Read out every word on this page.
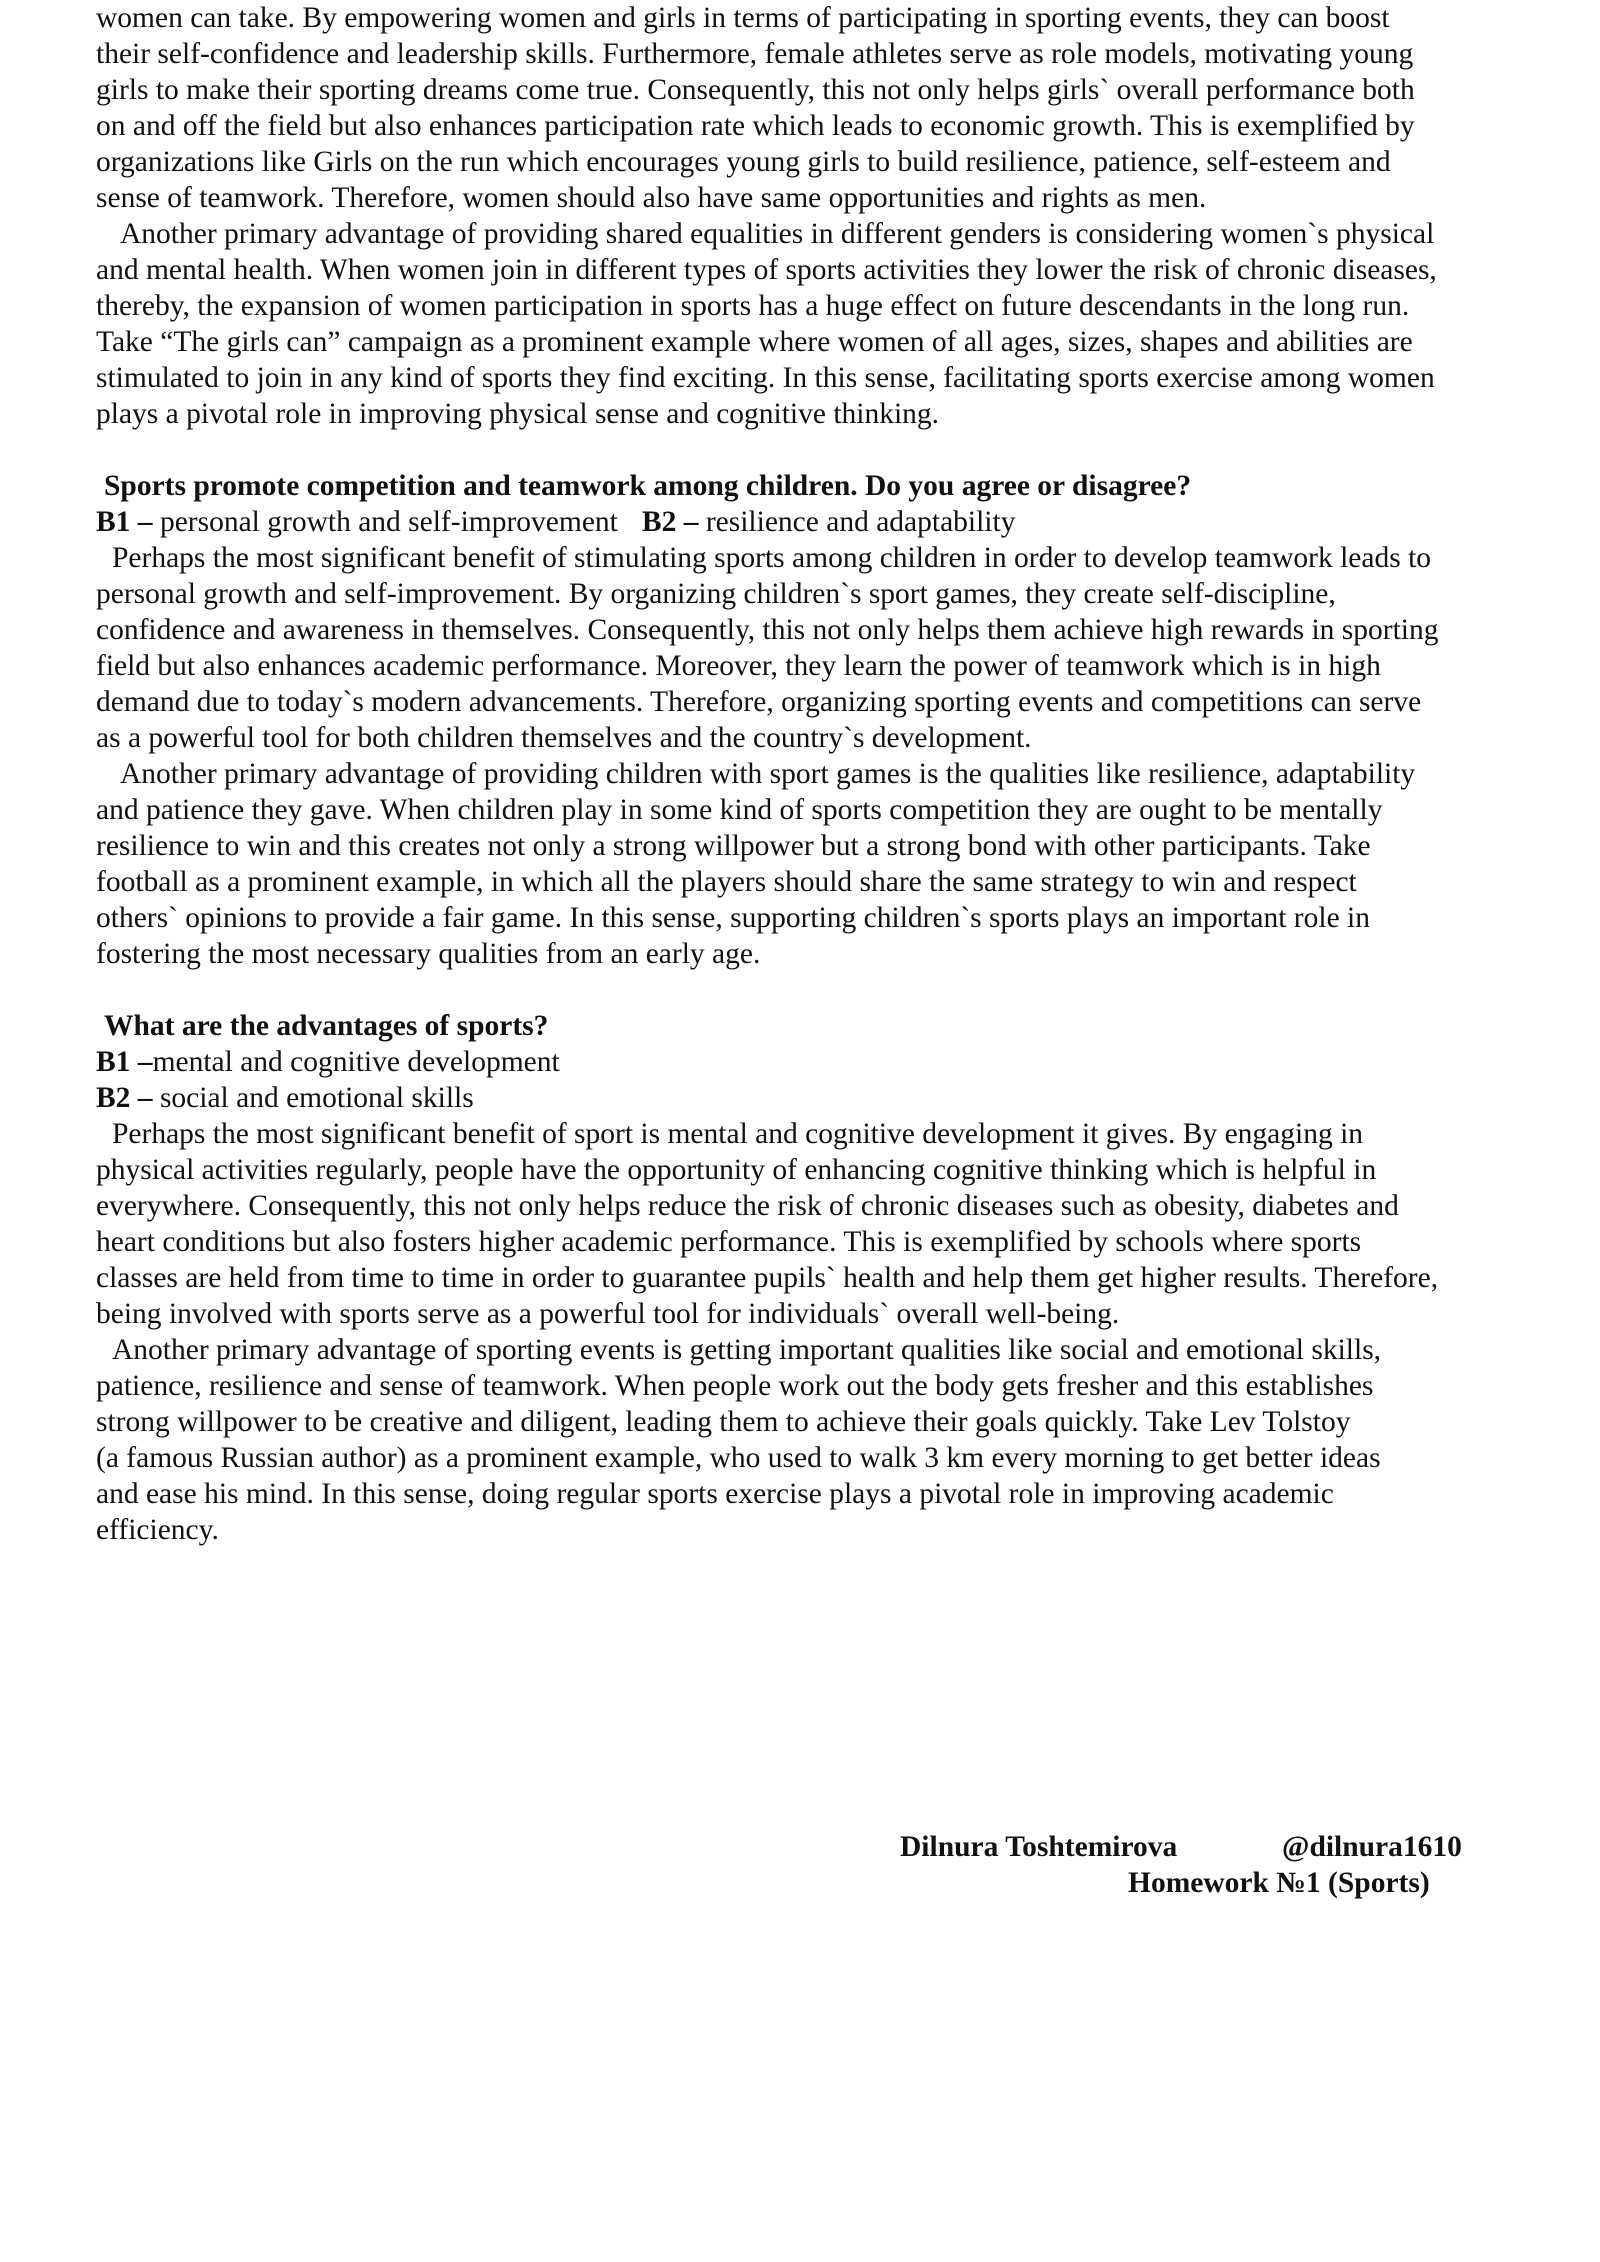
women can take. By empowering women and girls in terms of participating in sporting events, they can boost
their self-confidence and leadership skills. Furthermore, female athletes serve as role models, motivating young
girls to make their sporting dreams come true. Consequently, this not only helps girls` overall performance both
on and off the field but also enhances participation rate which leads to economic growth. This is exemplified by
organizations like Girls on the run which encourages young girls to build resilience, patience, self-esteem and
sense of teamwork. Therefore, women should also have same opportunities and rights as men.
Another primary advantage of providing shared equalities in different genders is considering women`s physical
and mental health. When women join in different types of sports activities they lower the risk of chronic diseases,
thereby, the expansion of women participation in sports has a huge effect on future descendants in the long run.
Take “The girls can” campaign as a prominent example where women of all ages, sizes, shapes and abilities are
stimulated to join in any kind of sports they find exciting. In this sense, facilitating sports exercise among women
plays a pivotal role in improving physical sense and cognitive thinking.
Sports promote competition and teamwork among children. Do you agree or disagree?
B1 – personal growth and self-improvement B2 – resilience and adaptability
Perhaps the most significant benefit of stimulating sports among children in order to develop teamwork leads to
personal growth and self-improvement. By organizing children`s sport games, they create self-discipline,
confidence and awareness in themselves. Consequently, this not only helps them achieve high rewards in sporting
field but also enhances academic performance. Moreover, they learn the power of teamwork which is in high
demand due to today`s modern advancements. Therefore, organizing sporting events and competitions can serve
as a powerful tool for both children themselves and the country`s development.
Another primary advantage of providing children with sport games is the qualities like resilience, adaptability
and patience they gave. When children play in some kind of sports competition they are ought to be mentally
resilience to win and this creates not only a strong willpower but a strong bond with other participants. Take
football as a prominent example, in which all the players should share the same strategy to win and respect
others` opinions to provide a fair game. In this sense, supporting children`s sports plays an important role in
fostering the most necessary qualities from an early age.
What are the advantages of sports?
B1 –mental and cognitive development
B2 – social and emotional skills
Perhaps the most significant benefit of sport is mental and cognitive development it gives. By engaging in
physical activities regularly, people have the opportunity of enhancing cognitive thinking which is helpful in
everywhere. Consequently, this not only helps reduce the risk of chronic diseases such as obesity, diabetes and
heart conditions but also fosters higher academic performance. This is exemplified by schools where sports
classes are held from time to time in order to guarantee pupils` health and help them get higher results. Therefore,
being involved with sports serve as a powerful tool for individuals` overall well-being.
Another primary advantage of sporting events is getting important qualities like social and emotional skills,
patience, resilience and sense of teamwork. When people work out the body gets fresher and this establishes
strong willpower to be creative and diligent, leading them to achieve their goals quickly. Take Lev Tolstoy
(a famous Russian author) as a prominent example, who used to walk 3 km every morning to get better ideas
and ease his mind. In this sense, doing regular sports exercise plays a pivotal role in improving academic
efficiency.
Dilnura Toshtemirova	@dilnura1610
Homework №1 (Sports)
